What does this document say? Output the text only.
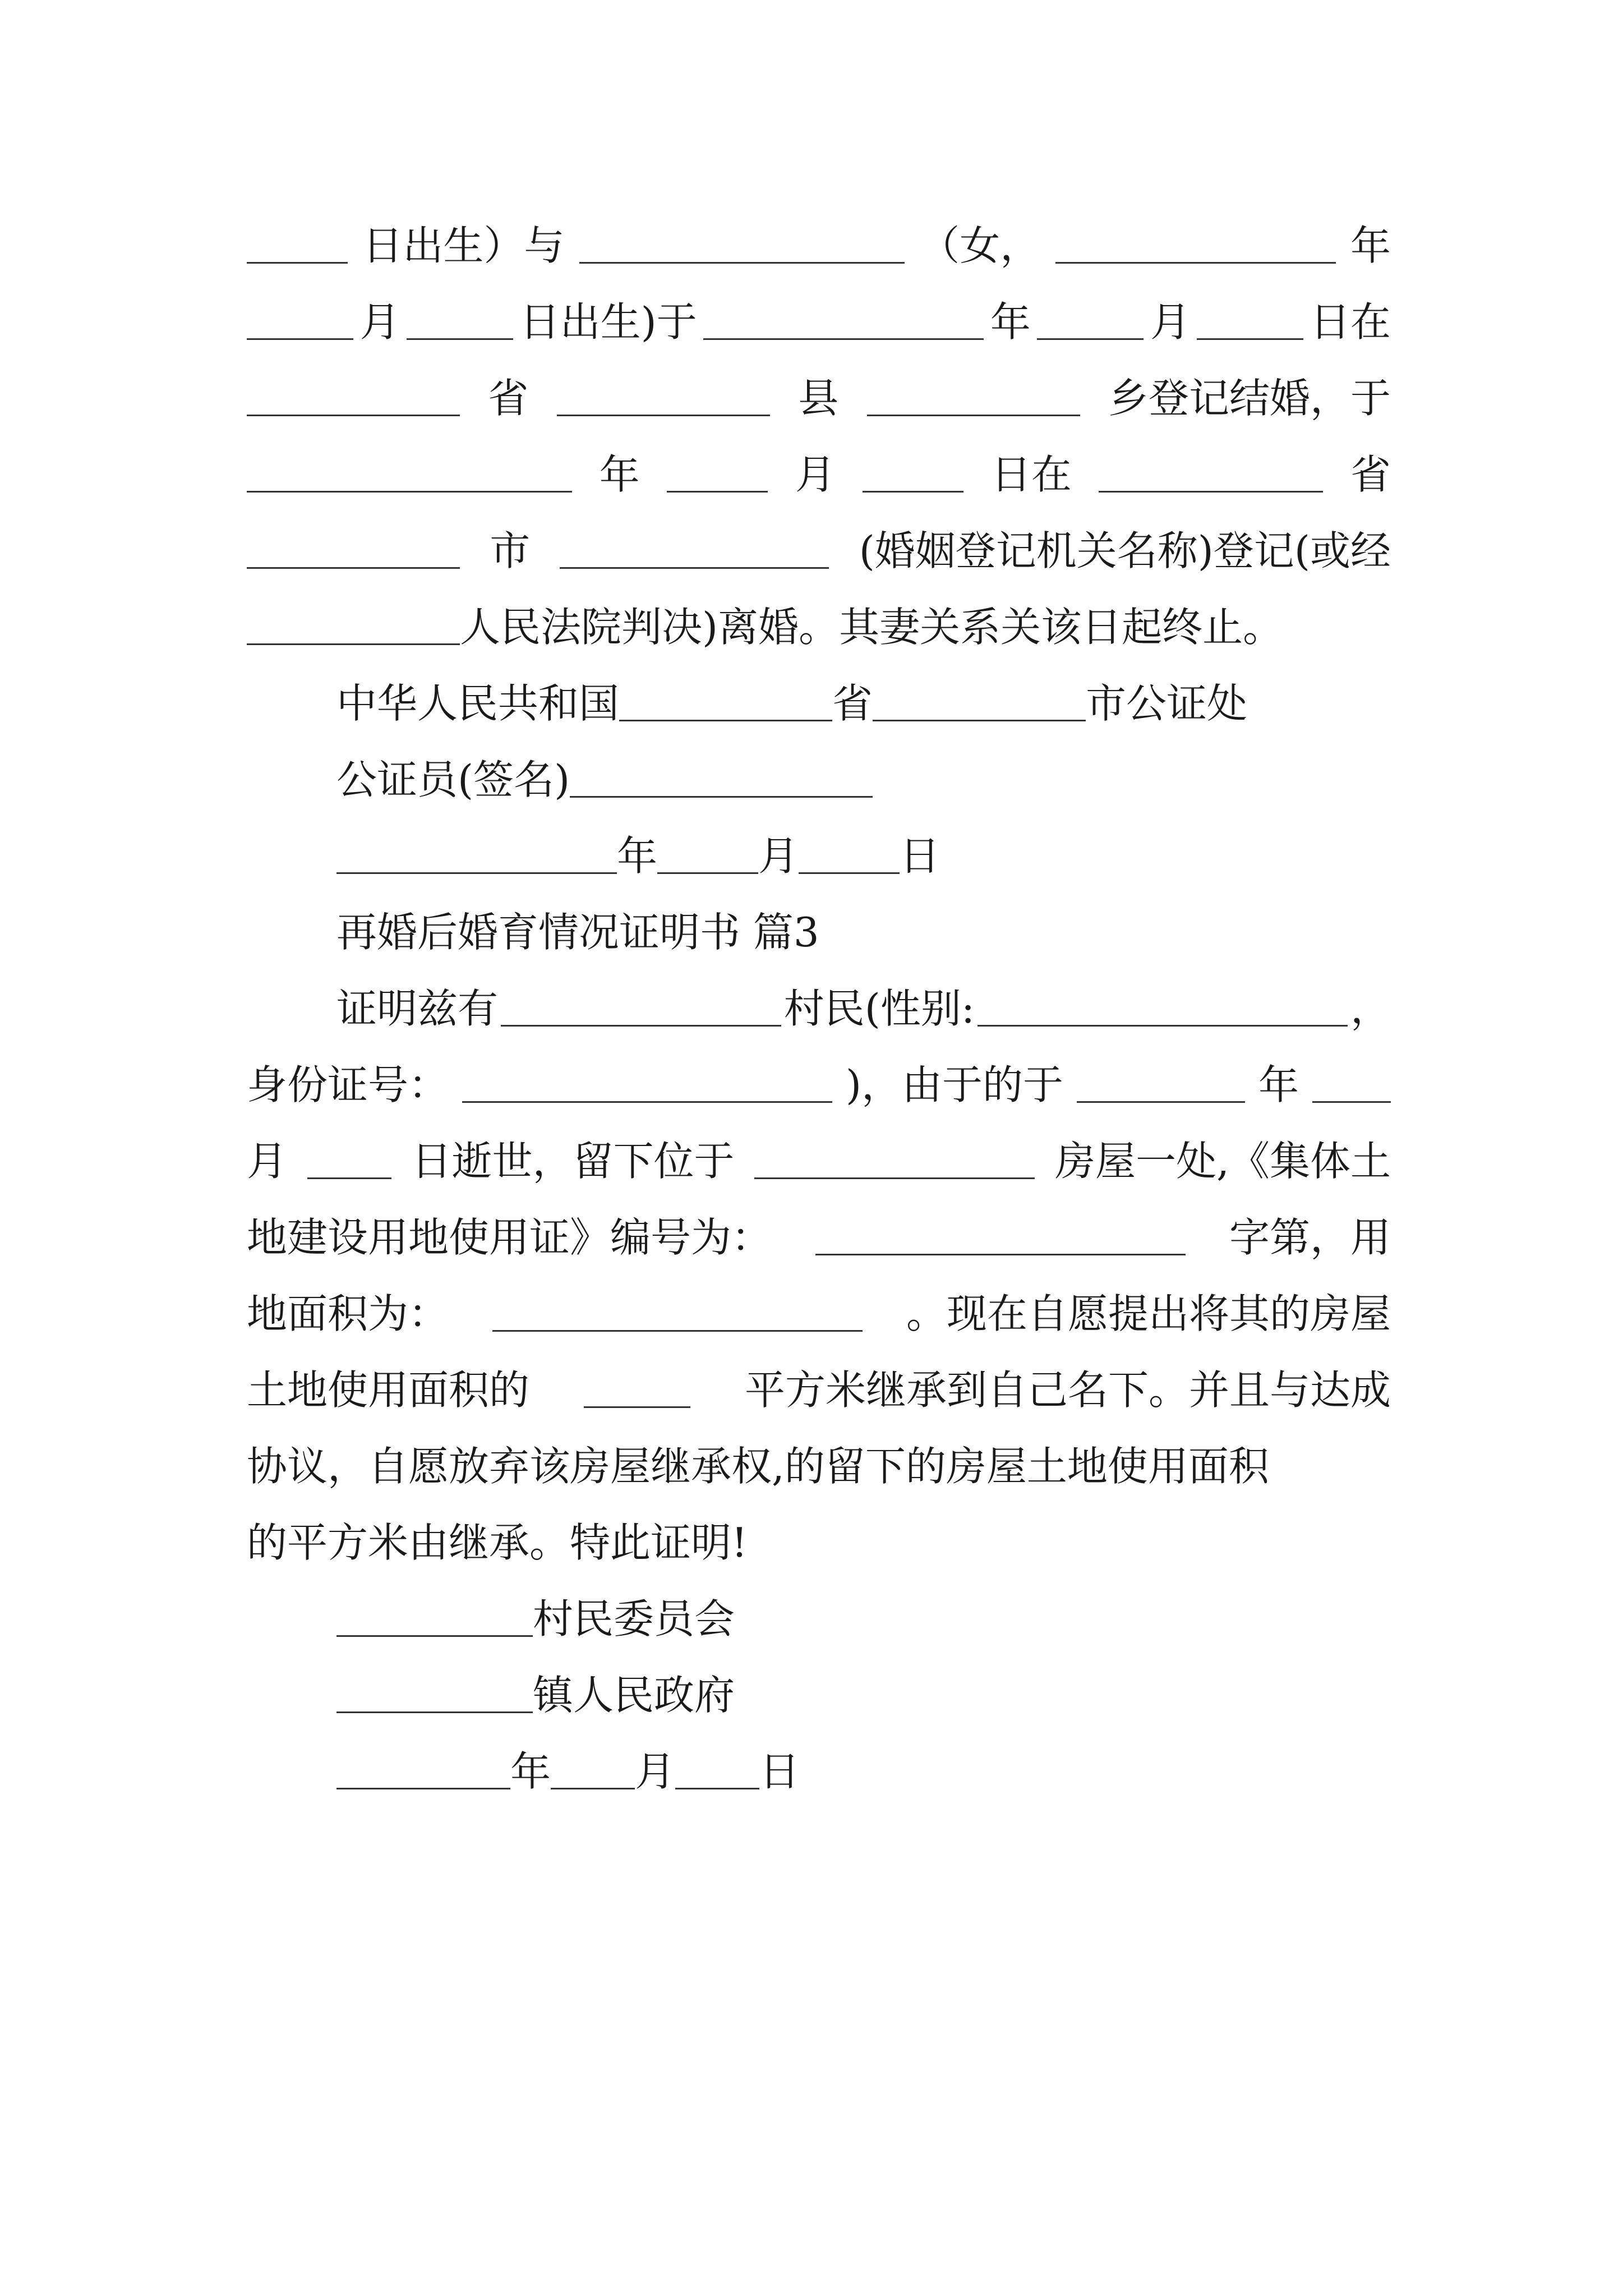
日出生）与	（女，	年
月	日出生)于	年	月	日在
省	县	乡登记结婚，于
年	月	日在	省
市	(婚姻登记机关名称)登记(或经
人民法院判决)离婚。其妻关系关该日起终止。
中华人民共和国	省	市公证处
公证员(签名)
年	月	日
再婚后婚育情况证明书 篇3
证明兹有	村民(性别:	，
身份证号：	)，由于的于	年
月	日逝世，留下位于	房屋一处,《集体土
地建设用地使用证》编号为：	字第，用
地面积为：	。现在自愿提出将其的房屋
土地使用面积的	平方米继承到自己名下。并且与达成
协议，自愿放弃该房屋继承权,的留下的房屋土地使用面积
的平方米由继承。特此证明!
村民委员会
镇人民政府
年 月 日
